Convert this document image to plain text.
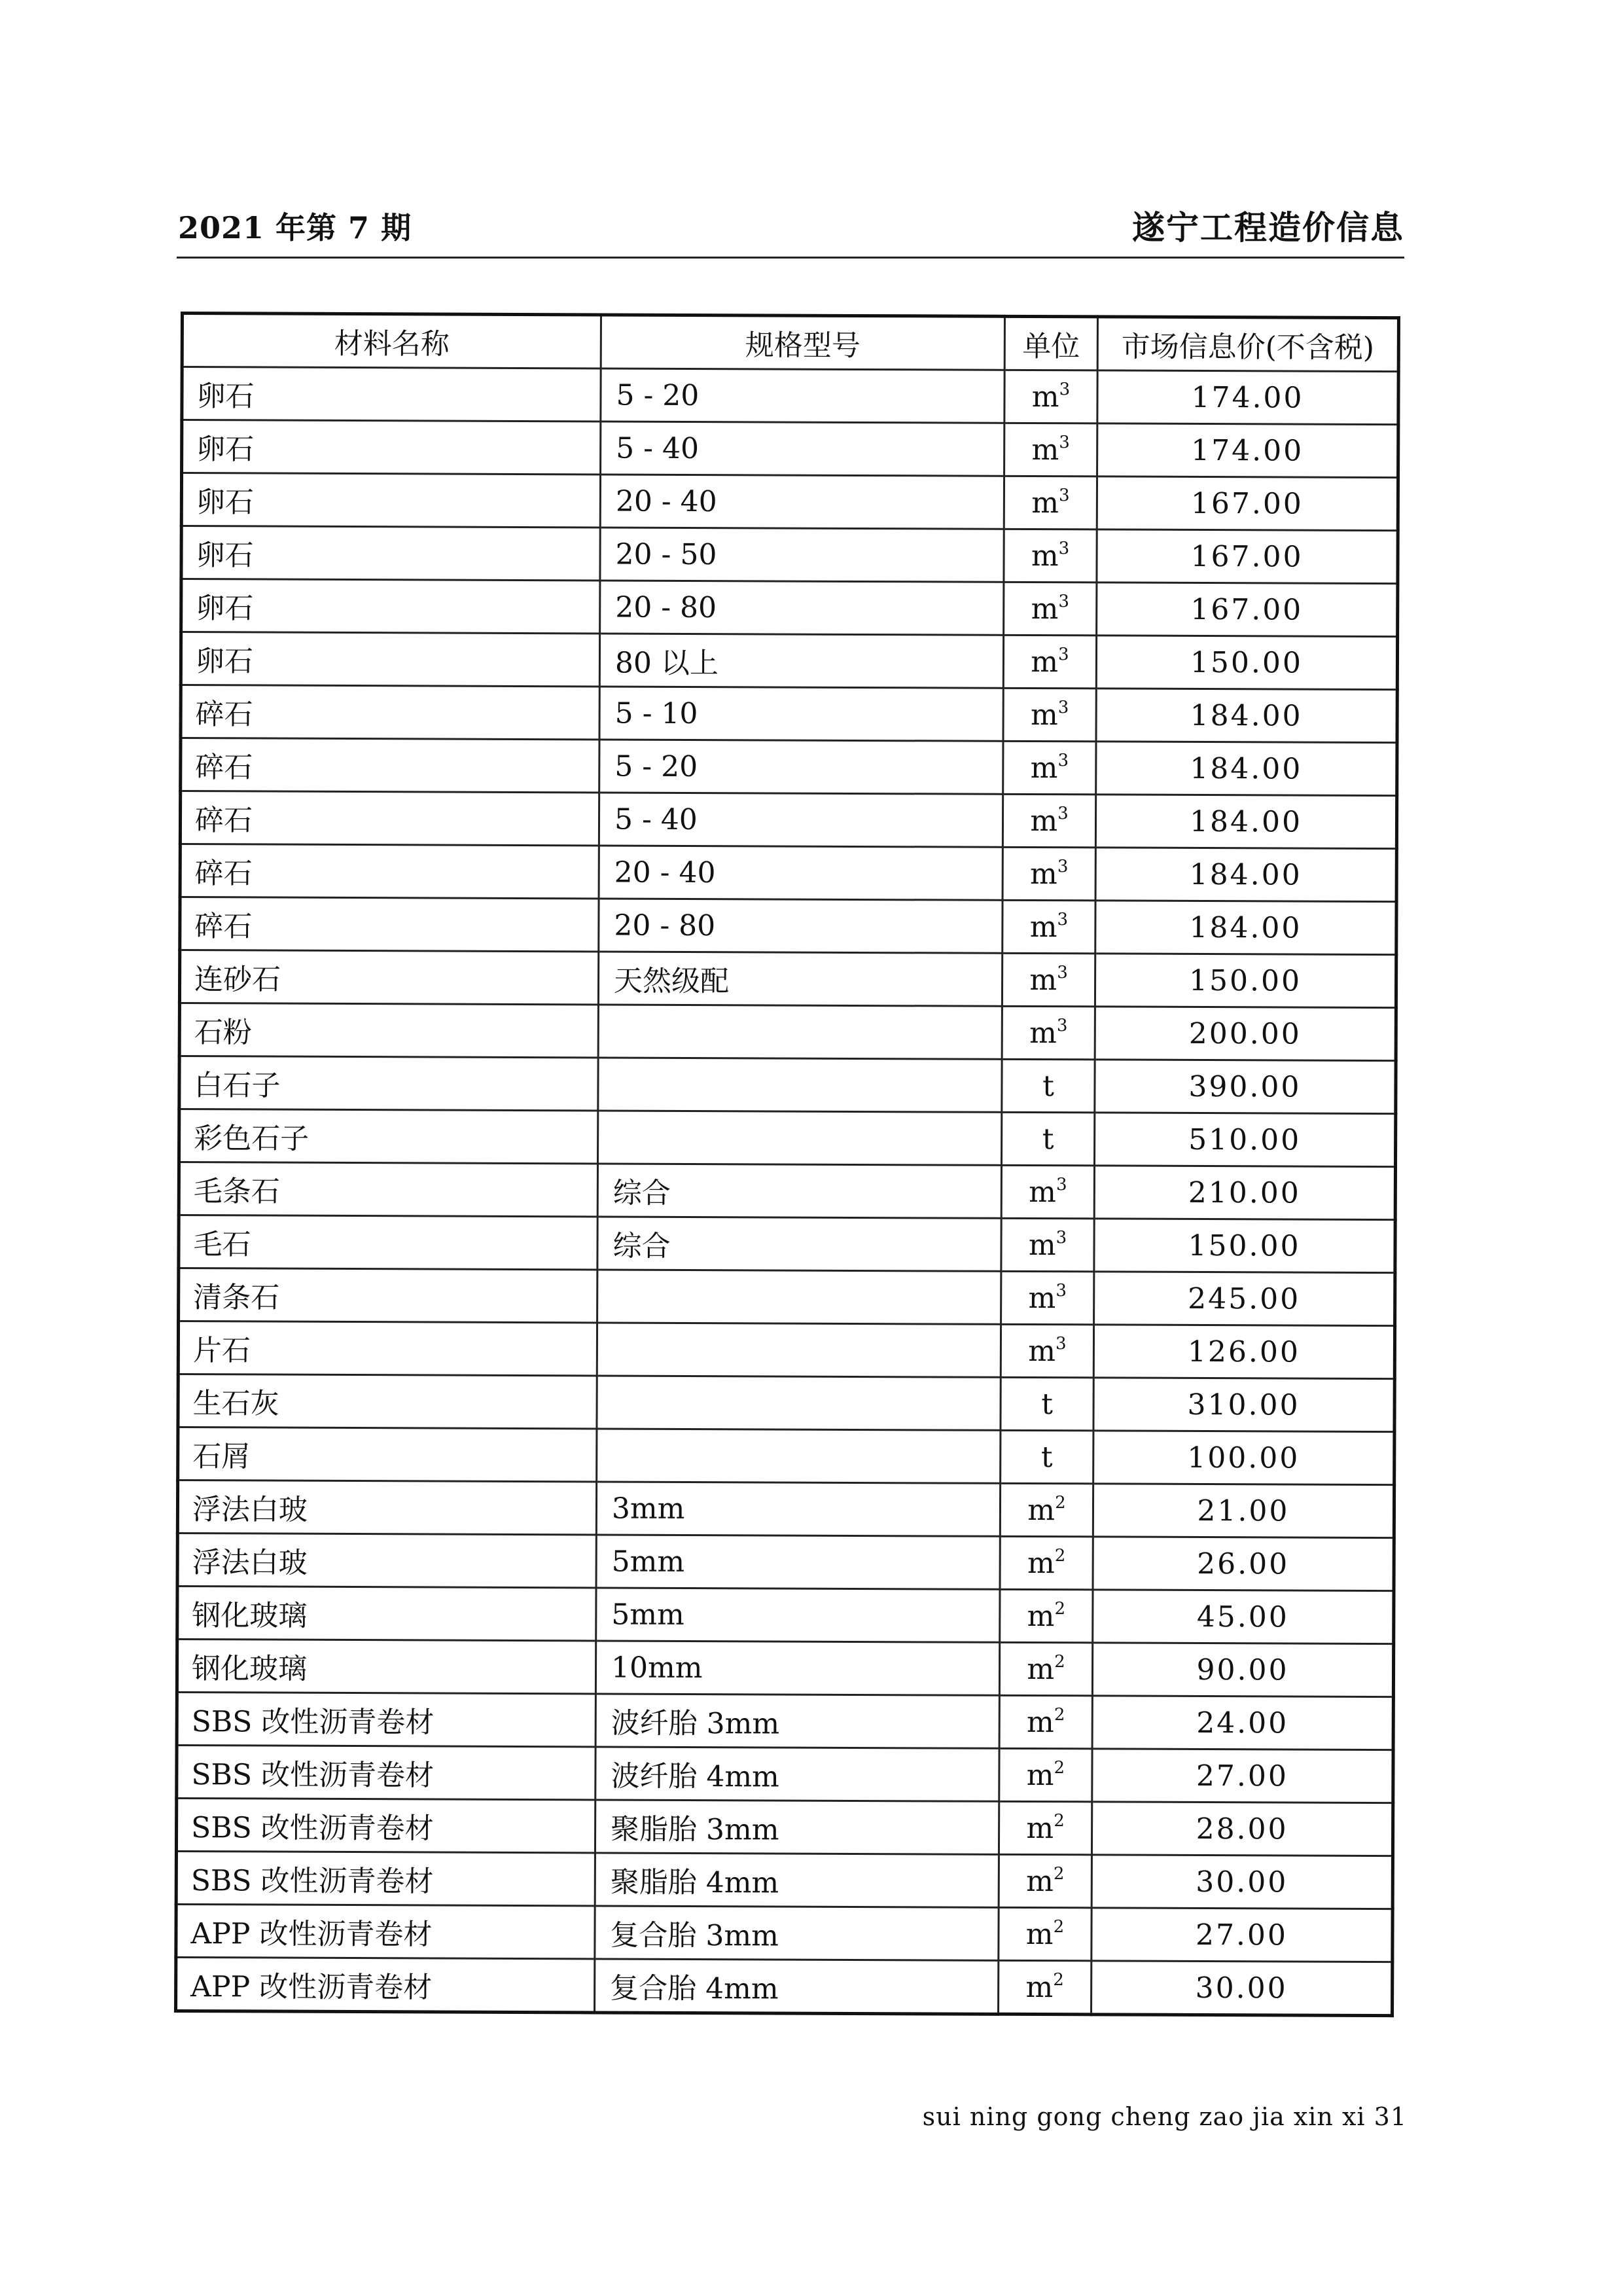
2021 年第 7 期	遂宁工程造价信息
材料名称	规格型号	单位	市场信息价(不含税)
卵石	5 - 20	$m^3$	174.00
卵石	5 - 40	$m^3$	174.00
卵石	20 - 40	$m^3$	167.00
卵石	20 - 50	$m^3$	167.00
卵石	20 - 80	$m^3$	167.00
卵石	80 以上	$m^3$	150.00
碎石	5 - 10	$m^3$	184.00
碎石	5 - 20	$m^3$	184.00
碎石	5 - 40	$m^3$	184.00
碎石	20 - 40	$m^3$	184.00
碎石	20 - 80	$m^3$	184.00
连砂石	天然级配	$m^3$	150.00
石粉		$m^3$	200.00
白石子		t	390.00
彩色石子		t	510.00
毛条石	综合	$m^3$	210.00
毛石	综合	$m^3$	150.00
清条石		$m^3$	245.00
片石		$m^3$	126.00
生石灰		t	310.00
石屑		t	100.00
浮法白玻	3mm	$m^2$	21.00
浮法白玻	5mm	$m^2$	26.00
钢化玻璃	5mm	$m^2$	45.00
钢化玻璃	10mm	$m^2$	90.00
SBS 改性沥青卷材	波纤胎 3mm	$m^2$	24.00
SBS 改性沥青卷材	波纤胎 4mm	$m^2$	27.00
SBS 改性沥青卷材	聚脂胎 3mm	$m^2$	28.00
SBS 改性沥青卷材	聚脂胎 4mm	$m^2$	30.00
APP 改性沥青卷材	复合胎 3mm	$m^2$	27.00
APP 改性沥青卷材	复合胎 4mm	$m^2$	30.00
sui ning gong cheng zao jia xin xi 31
